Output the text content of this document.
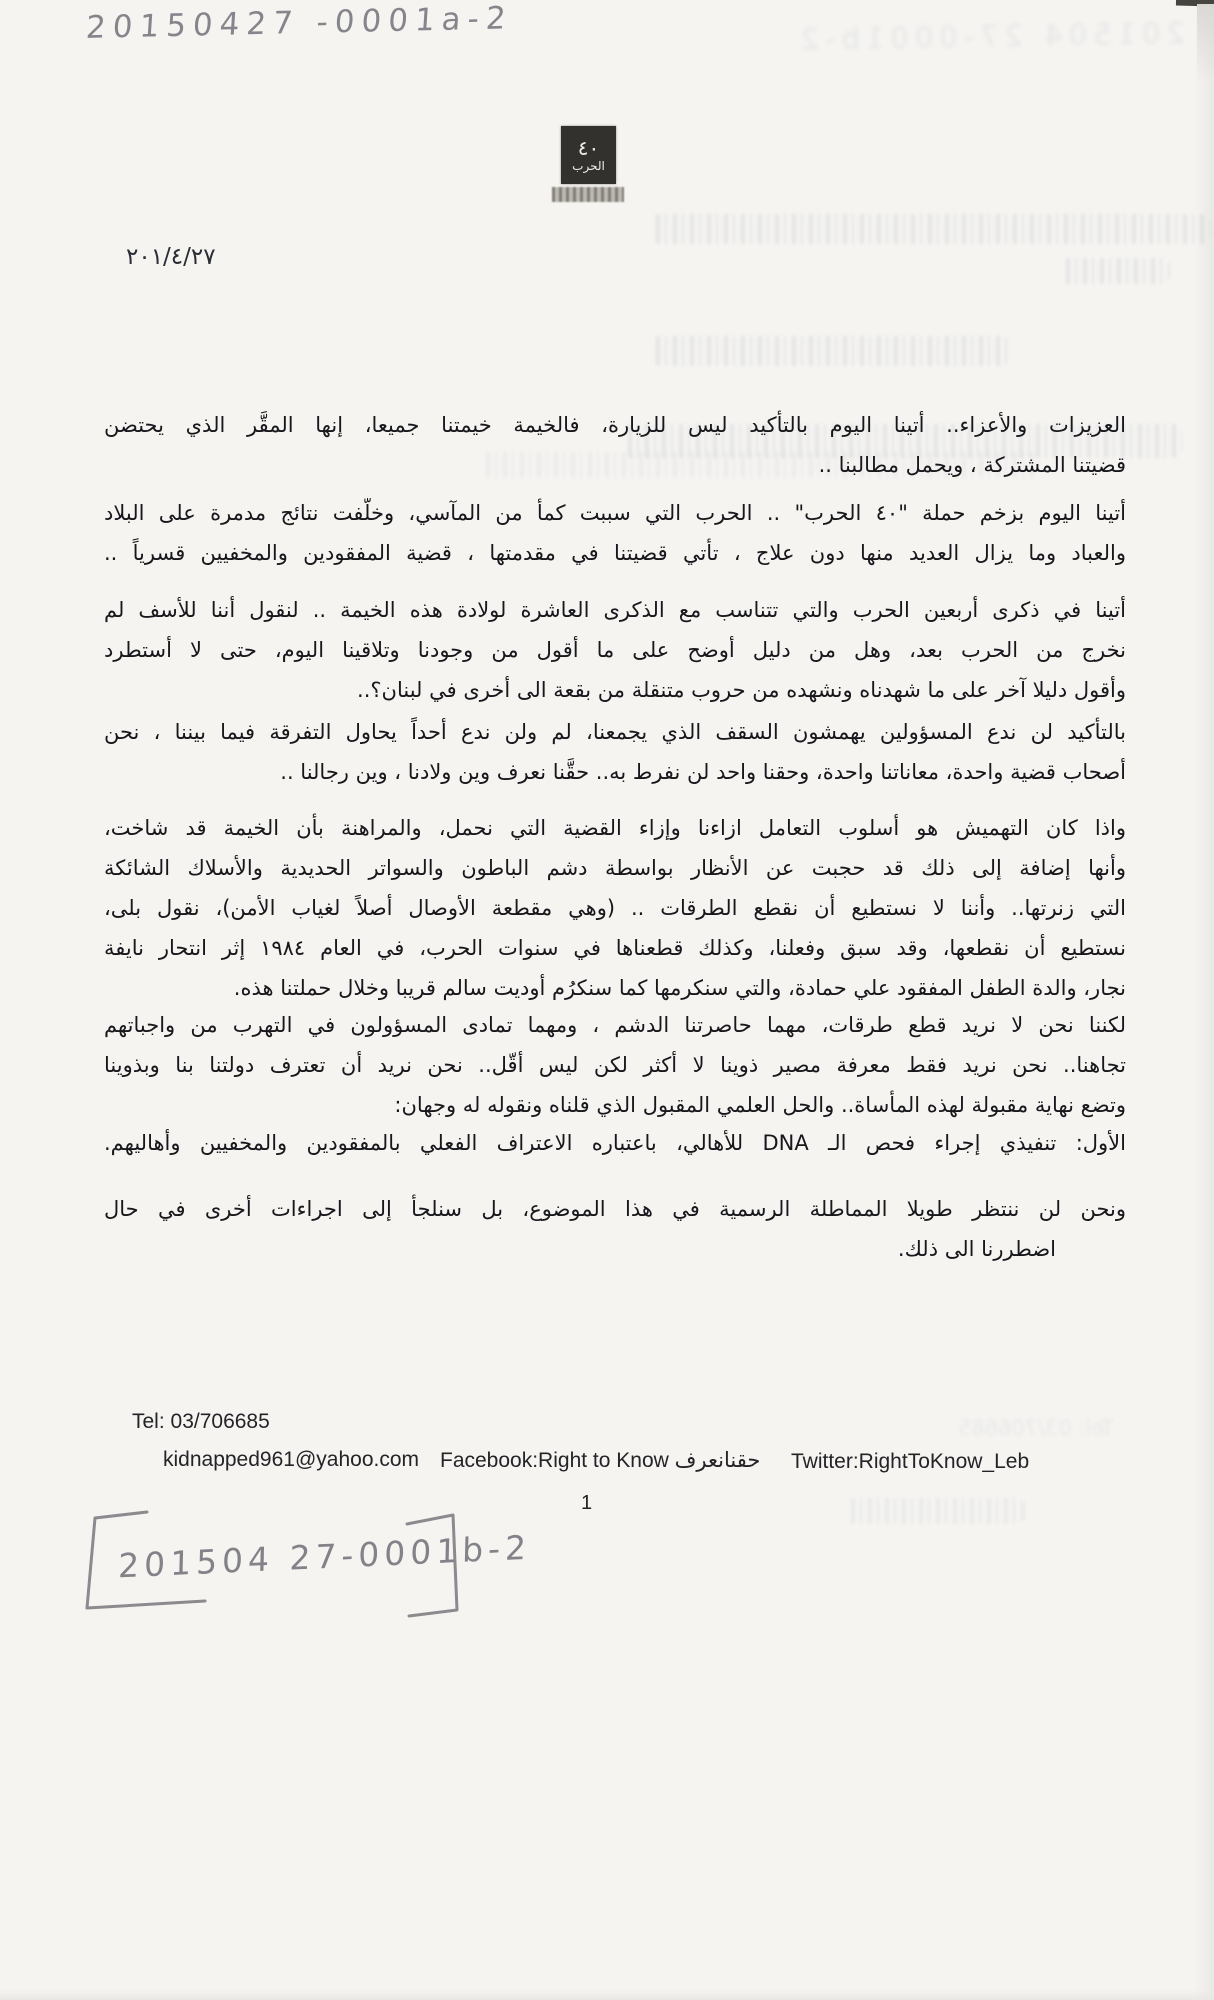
20150427 -0001a-2	201504 27-0001b-2
٤٠
الحرب
٢٠١/٤/٢٧
العزيزات والأعزاء.. أتينا اليوم بالتأكيد ليس للزيارة، فالخيمة خيمتنا جميعا، إنها المقَّر الذي يحتضن
قضيتنا المشتركة ، ويحمل مطالبنا ..
أتينا اليوم بزخم حملة "٤٠ الحرب" .. الحرب التي سببت كمأ من المآسي، وخلَّفت نتائج مدمرة على البلاد
والعباد وما يزال العديد منها دون علاج ، تأتي قضيتنا في مقدمتها ، قضية المفقودين والمخفيين قسرياً ..
أتينا في ذكرى أربعين الحرب والتي تتناسب مع الذكرى العاشرة لولادة هذه الخيمة .. لنقول أننا للأسف لم
نخرج من الحرب بعد، وهل من دليل أوضح على ما أقول من وجودنا وتلاقينا اليوم، حتى لا أستطرد
وأقول دليلا آخر على ما شهدناه ونشهده من حروب متنقلة من بقعة الى أخرى في لبنان؟..
بالتأكيد لن ندع المسؤولين يهمشون السقف الذي يجمعنا، لم ولن ندع أحداً يحاول التفرقة فيما بيننا ، نحن
أصحاب قضية واحدة، معاناتنا واحدة، وحقنا واحد لن نفرط به.. حقَّنا نعرف وين ولادنا ، وين رجالنا ..
واذا كان التهميش هو أسلوب التعامل ازاءنا وإزاء القضية التي نحمل، والمراهنة بأن الخيمة قد شاخت،
وأنها إضافة إلى ذلك قد حجبت عن الأنظار بواسطة دشم الباطون والسواتر الحديدية والأسلاك الشائكة
التي زنرتها.. وأننا لا نستطيع أن نقطع الطرقات .. (وهي مقطعة الأوصال أصلاً لغياب الأمن)، نقول بلى،
نستطيع أن نقطعها، وقد سبق وفعلنا، وكذلك قطعناها في سنوات الحرب، في العام ١٩٨٤ إثر انتحار نايفة
نجار، والدة الطفل المفقود علي حمادة، والتي سنكرمها كما سنكرُم أوديت سالم قريبا وخلال حملتنا هذه.
لكننا نحن لا نريد قطع طرقات، مهما حاصرتنا الدشم ، ومهما تمادى المسؤولون في التهرب من واجباتهم
تجاهنا.. نحن نريد فقط معرفة مصير ذوينا لا أكثر لكن ليس أقّل.. نحن نريد أن تعترف دولتنا بنا وبذوينا
وتضع نهاية مقبولة لهذه المأساة.. والحل العلمي المقبول الذي قلناه ونقوله له وجهان:
الأول: تنفيذي إجراء فحص الـ DNA للأهالي، باعتباره الاعتراف الفعلي بالمفقودين والمخفيين وأهاليهم.
ونحن لن ننتظر طويلا المماطلة الرسمية في هذا الموضوع، بل سنلجأ إلى اجراءات أخرى في حال
اضطررنا الى ذلك.
Tel: 03/706685
kidnapped961@yahoo.com Facebook:Right to Know حقنانعرف Twitter:RightToKnow_Leb
Tel: 03/706685
1
201504 27-0001b-2
